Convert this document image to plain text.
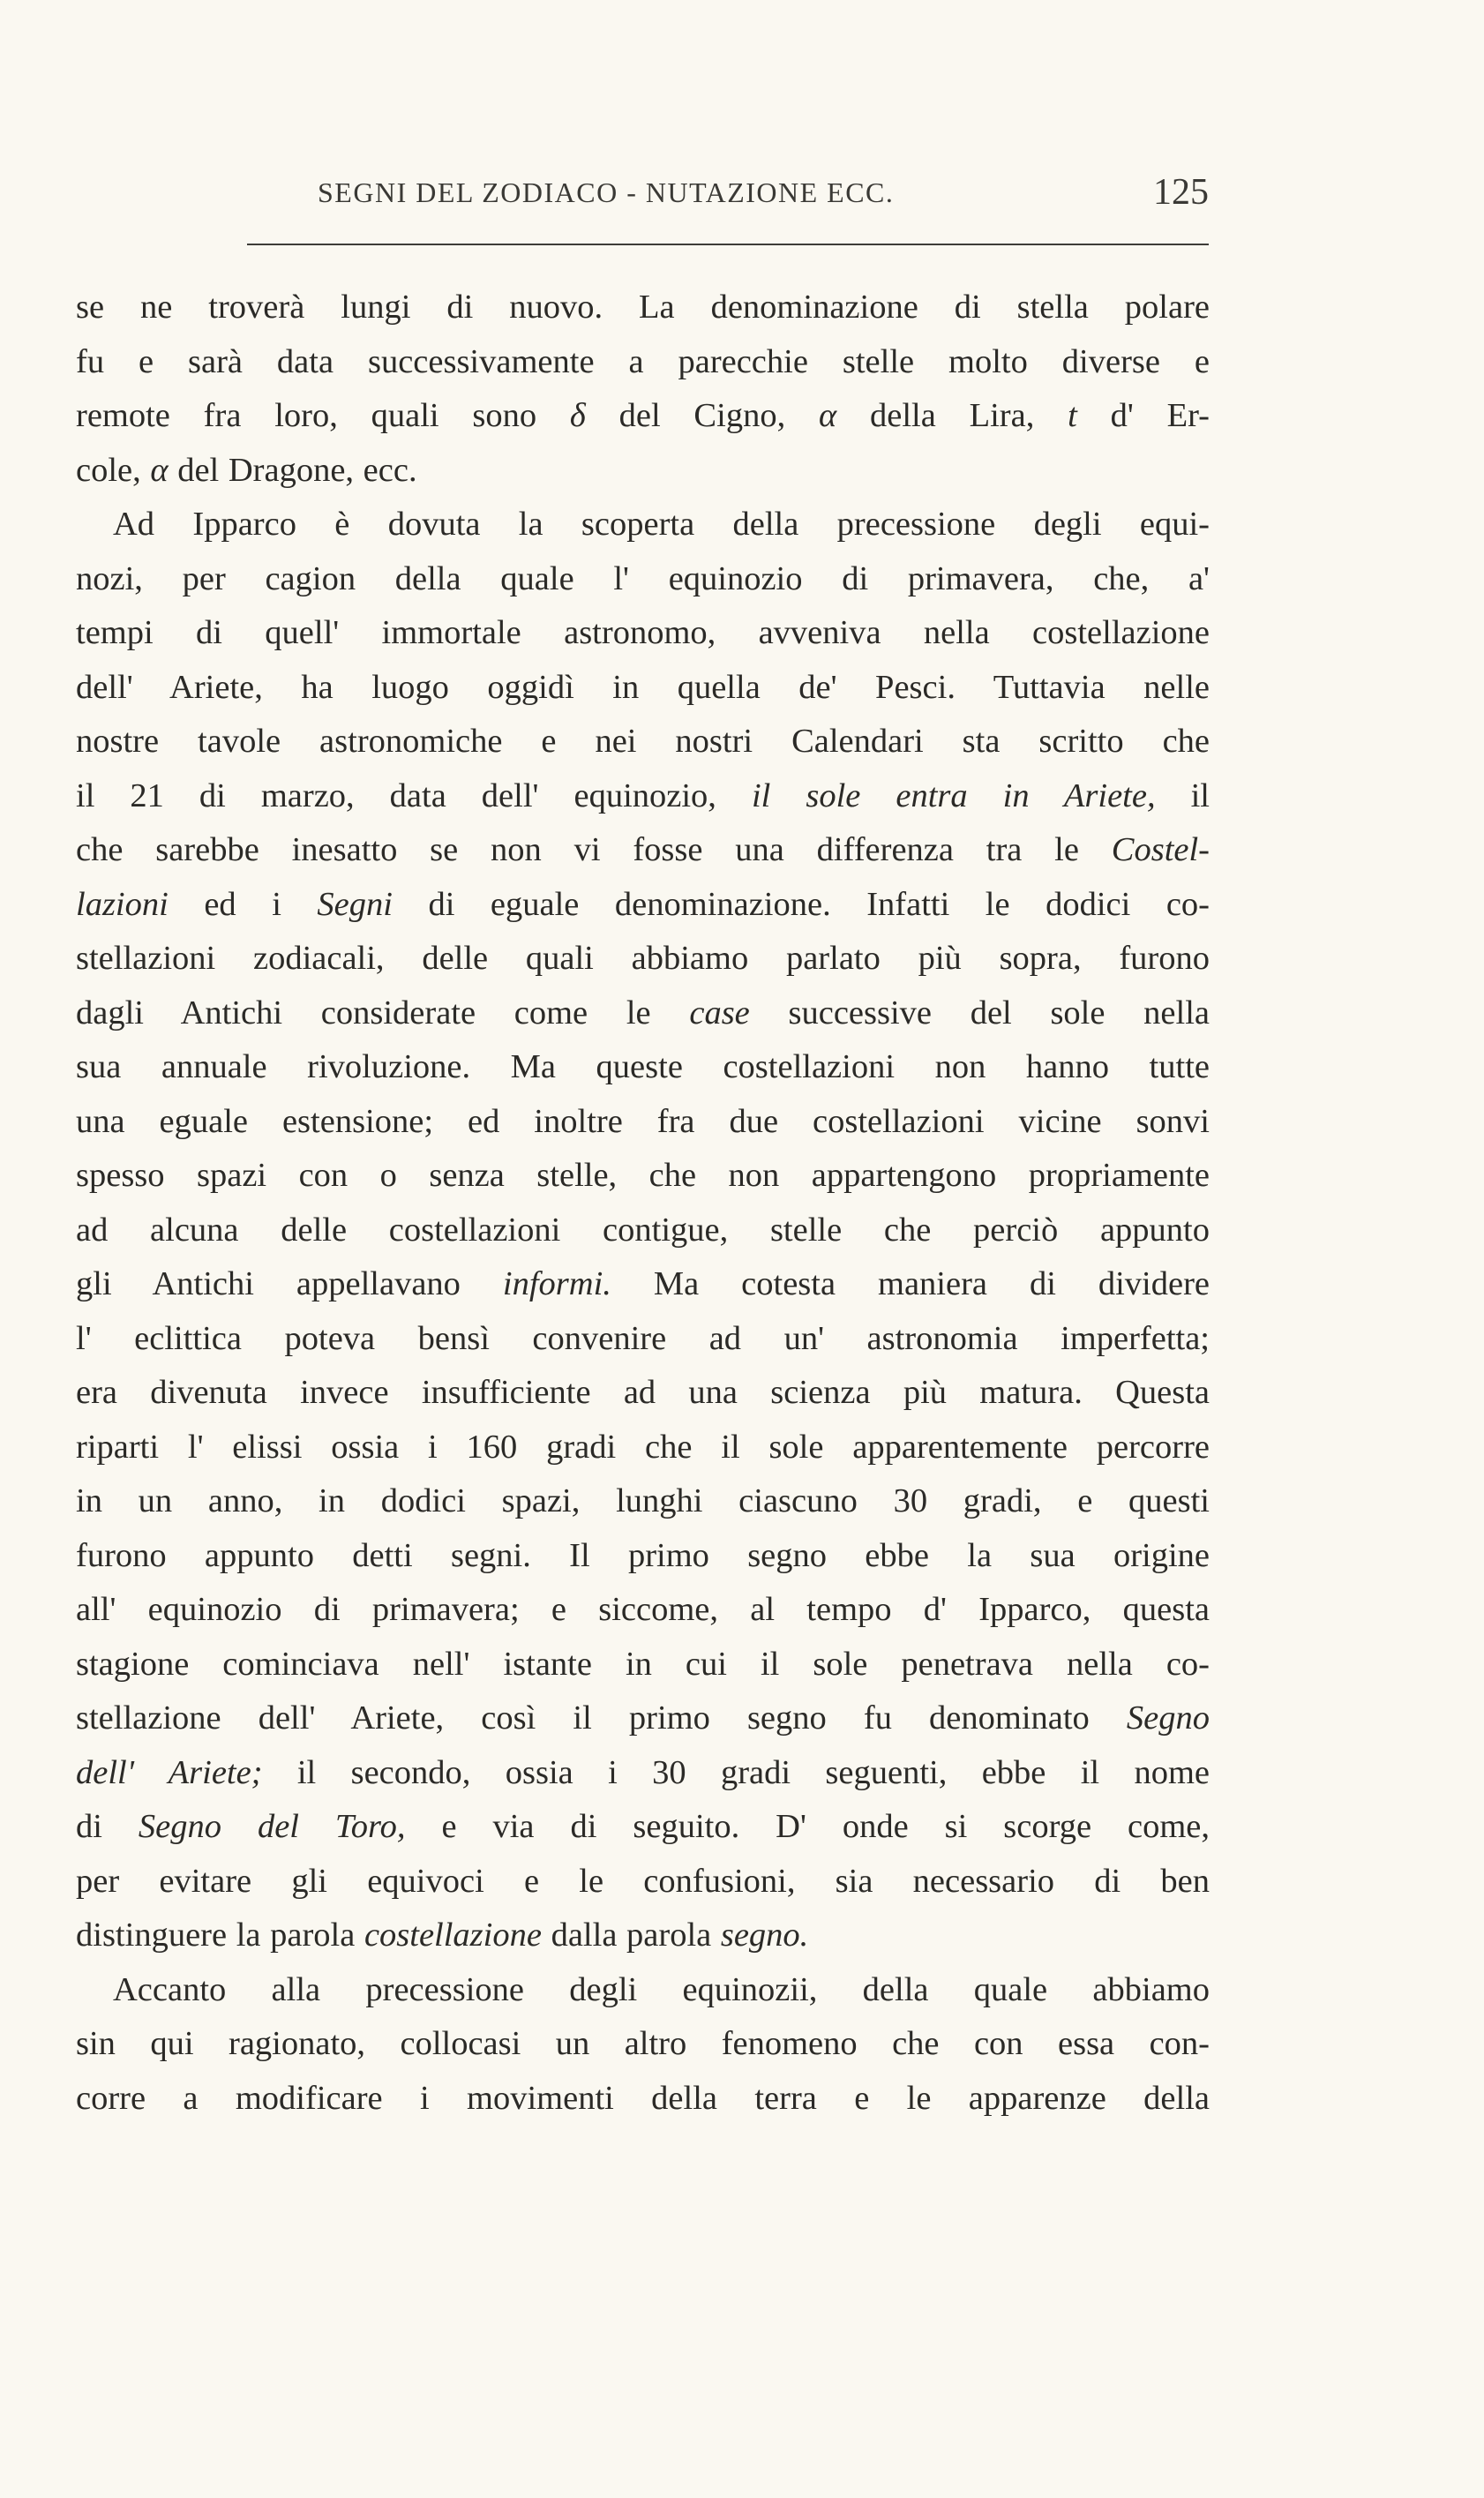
SEGNI DEL ZODIACO - NUTAZIONE ECC.	125
se ne troverà lungi di nuovo. La denominazione di stella polare
fu e sarà data successivamente a parecchie stelle molto diverse e
remote fra loro, quali sono δ del Cigno, α della Lira, t d' Er-
cole, α del Dragone, ecc.
Ad Ipparco è dovuta la scoperta della precessione degli equi-
nozi, per cagion della quale l' equinozio di primavera, che, a'
tempi di quell' immortale astronomo, avveniva nella costellazione
dell' Ariete, ha luogo oggidì in quella de' Pesci. Tuttavia nelle
nostre tavole astronomiche e nei nostri Calendari sta scritto che
il 21 di marzo, data dell' equinozio, il sole entra in Ariete, il
che sarebbe inesatto se non vi fosse una differenza tra le Costel-
lazioni ed i Segni di eguale denominazione. Infatti le dodici co-
stellazioni zodiacali, delle quali abbiamo parlato più sopra, furono
dagli Antichi considerate come le case successive del sole nella
sua annuale rivoluzione. Ma queste costellazioni non hanno tutte
una eguale estensione; ed inoltre fra due costellazioni vicine sonvi
spesso spazi con o senza stelle, che non appartengono propriamente
ad alcuna delle costellazioni contigue, stelle che perciò appunto
gli Antichi appellavano informi. Ma cotesta maniera di dividere
l' eclittica poteva bensì convenire ad un' astronomia imperfetta;
era divenuta invece insufficiente ad una scienza più matura. Questa
riparti l' elissi ossia i 160 gradi che il sole apparentemente percorre
in un anno, in dodici spazi, lunghi ciascuno 30 gradi, e questi
furono appunto detti segni. Il primo segno ebbe la sua origine
all' equinozio di primavera; e siccome, al tempo d' Ipparco, questa
stagione cominciava nell' istante in cui il sole penetrava nella co-
stellazione dell' Ariete, così il primo segno fu denominato Segno
dell' Ariete; il secondo, ossia i 30 gradi seguenti, ebbe il nome
di Segno del Toro, e via di seguito. D' onde si scorge come,
per evitare gli equivoci e le confusioni, sia necessario di ben
distinguere la parola costellazione dalla parola segno.
Accanto alla precessione degli equinozii, della quale abbiamo
sin qui ragionato, collocasi un altro fenomeno che con essa con-
corre a modificare i movimenti della terra e le apparenze della
